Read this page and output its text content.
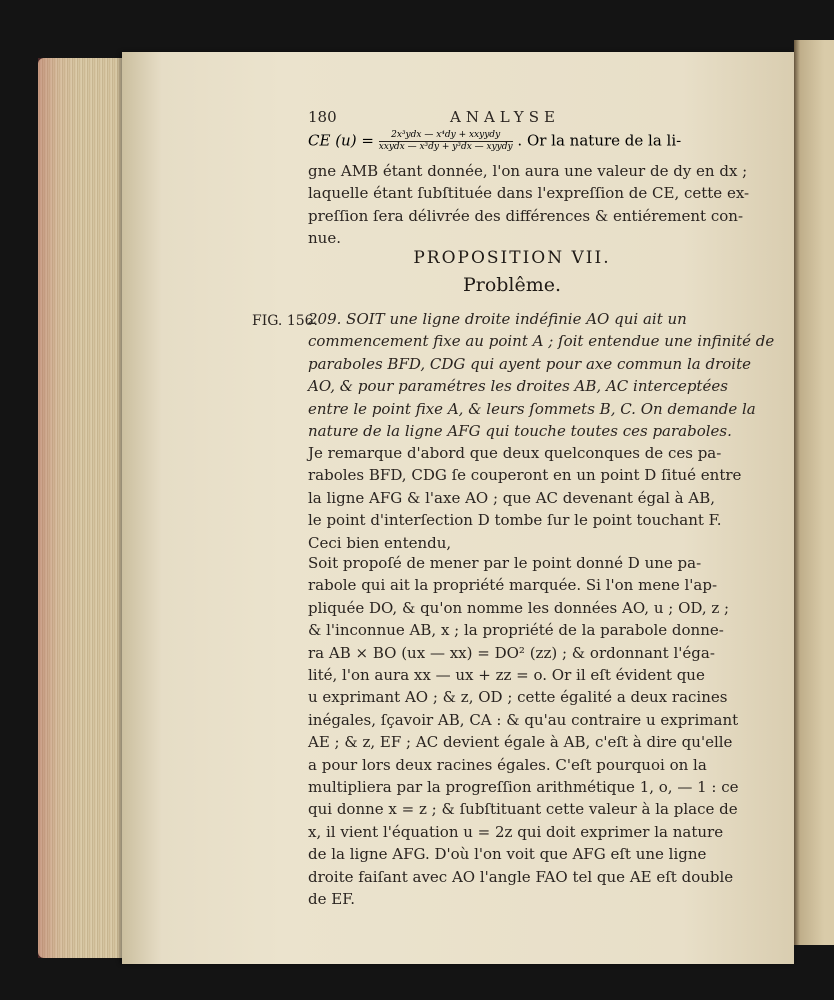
180	ANALYSE
CE $(u) = \frac{\text{2x³ydx — x⁴dy + xxyydy}}{\text{xxydx — x³dy + y³dx — xyydy}}$ . Or la nature de la li-
gne AMB étant donnée, l'on aura une valeur de dy en dx ;
laquelle étant ſubſtituée dans l'expreſſion de CE, cette ex-
preſſion ſera délivrée des différences & entiérement con-
nue.
PROPOSITION VII.
Problême.
FIG. 156.
209. SOIT une ligne droite indéfinie AO qui ait un
commencement fixe au point A ; ſoit entendue une infinité de
paraboles BFD, CDG qui ayent pour axe commun la droite
AO, & pour paramétres les droites AB, AC interceptées
entre le point fixe A, & leurs ſommets B, C. On demande la
nature de la ligne AFG qui touche toutes ces paraboles.
Je remarque d'abord que deux quelconques de ces pa-
raboles BFD, CDG ſe couperont en un point D ſitué entre
la ligne AFG & l'axe AO ; que AC devenant égal à AB,
le point d'interſection D tombe ſur le point touchant F.
Ceci bien entendu,
Soit propoſé de mener par le point donné D une pa-
rabole qui ait la propriété marquée. Si l'on mene l'ap-
pliquée DO, & qu'on nomme les données AO, u ; OD, z ;
& l'inconnue AB, x ; la propriété de la parabole donne-
ra AB × BO (ux — xx) = DO² (zz) ; & ordonnant l'éga-
lité, l'on aura xx — ux + zz = o. Or il eſt évident que
u exprimant AO ; & z, OD ; cette égalité a deux racines
inégales, ſçavoir AB, CA : & qu'au contraire u exprimant
AE ; & z, EF ; AC devient égale à AB, c'eſt à dire qu'elle
a pour lors deux racines égales. C'eſt pourquoi on la
multipliera par la progreſſion arithmétique 1, o, — 1 : ce
qui donne x = z ; & ſubſtituant cette valeur à la place de
x, il vient l'équation u = 2z qui doit exprimer la nature
de la ligne AFG. D'où l'on voit que AFG eſt une ligne
droite faiſant avec AO l'angle FAO tel que AE eſt double
de EF.
